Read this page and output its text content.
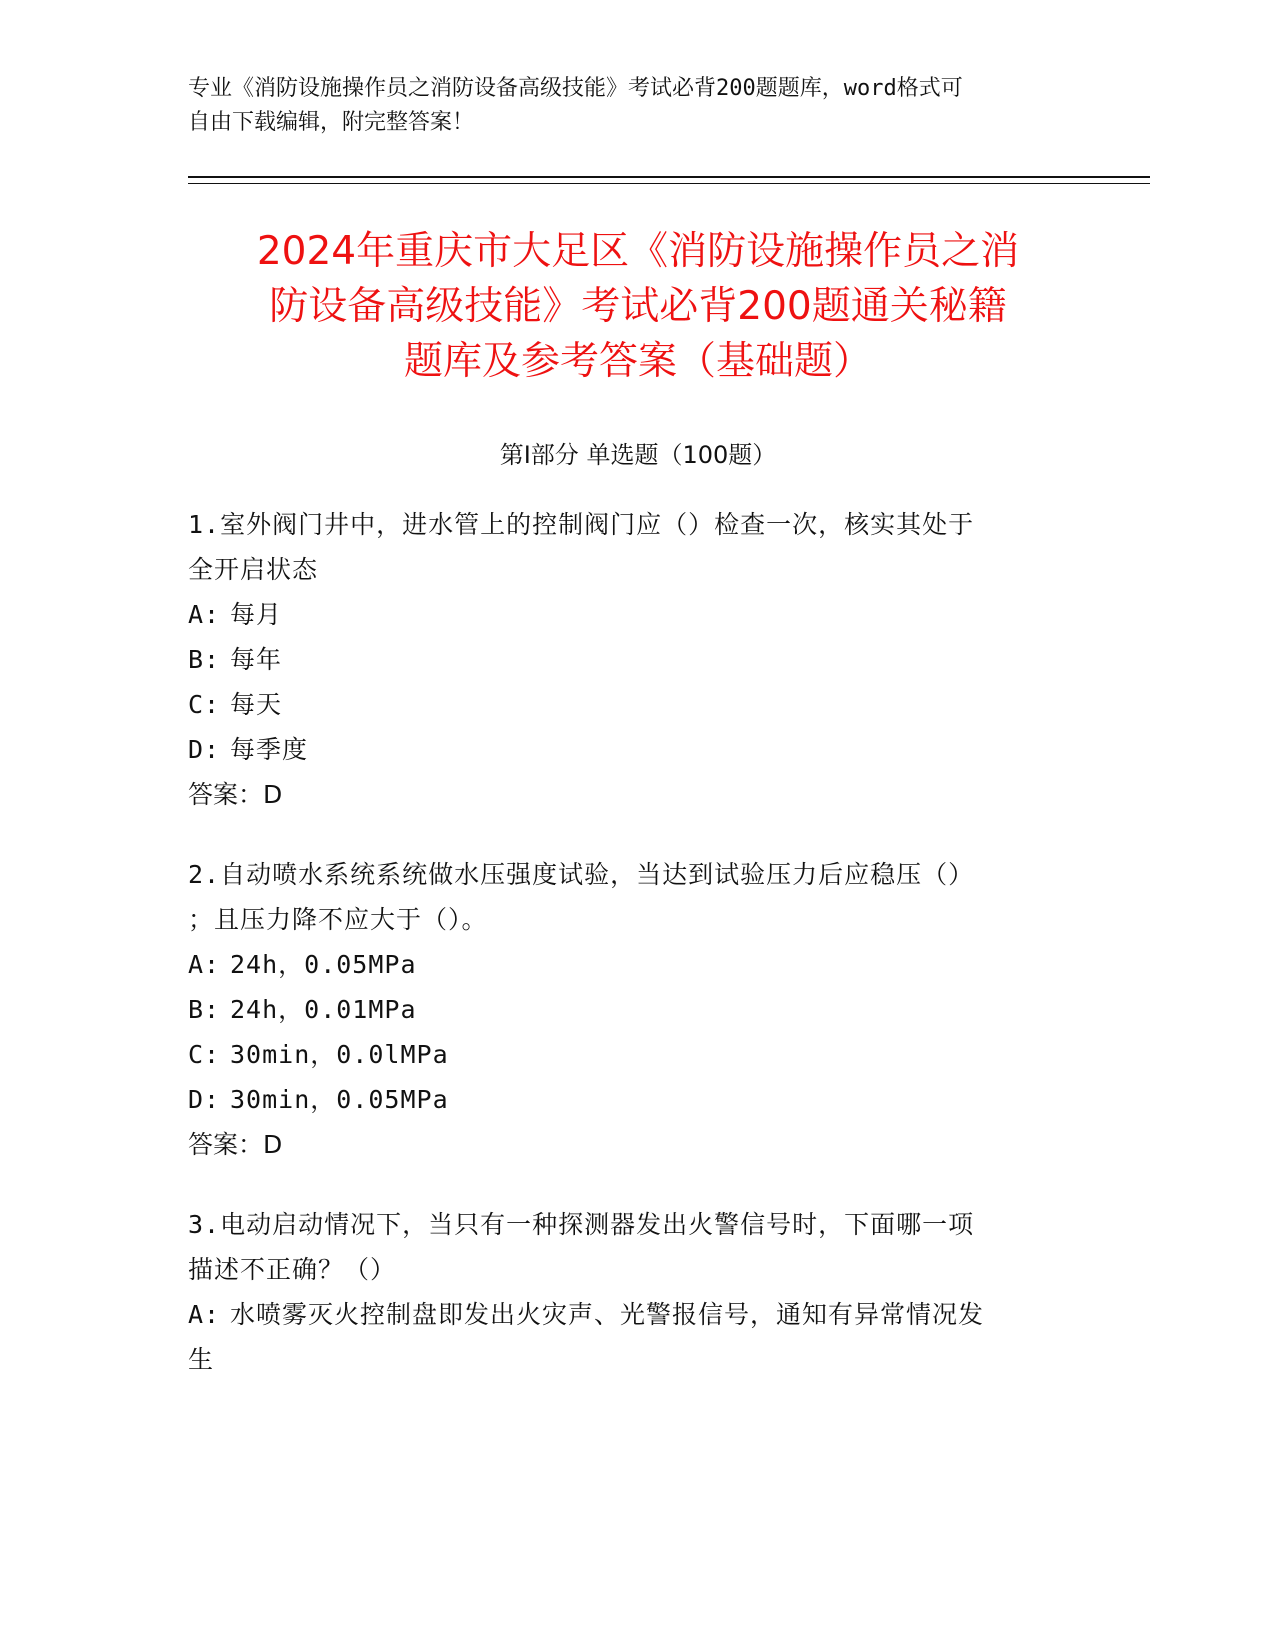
专业《消防设施操作员之消防设备高级技能》考试必背200题题库，word格式可
自由下载编辑，附完整答案！
2024年重庆市大足区《消防设施操作员之消
防设备高级技能》考试必背200题通关秘籍
题库及参考答案（基础题）
第Ⅰ部分 单选题（100题）
1.室外阀门井中，进水管上的控制阀门应（）检查一次，核实其处于
全开启状态
A: 每月
B: 每年
C: 每天
D: 每季度
答案：D
2.自动喷水系统系统做水压强度试验，当达到试验压力后应稳压（）
；且压力降不应大于（）。
A: 24h，0.05MPa
B: 24h，0.01MPa
C: 30min，0.0lMPa
D: 30min，0.05MPa
答案：D
3.电动启动情况下，当只有一种探测器发出火警信号时，下面哪一项
描述不正确？（）
A: 水喷雾灭火控制盘即发出火灾声、光警报信号，通知有异常情况发
生
